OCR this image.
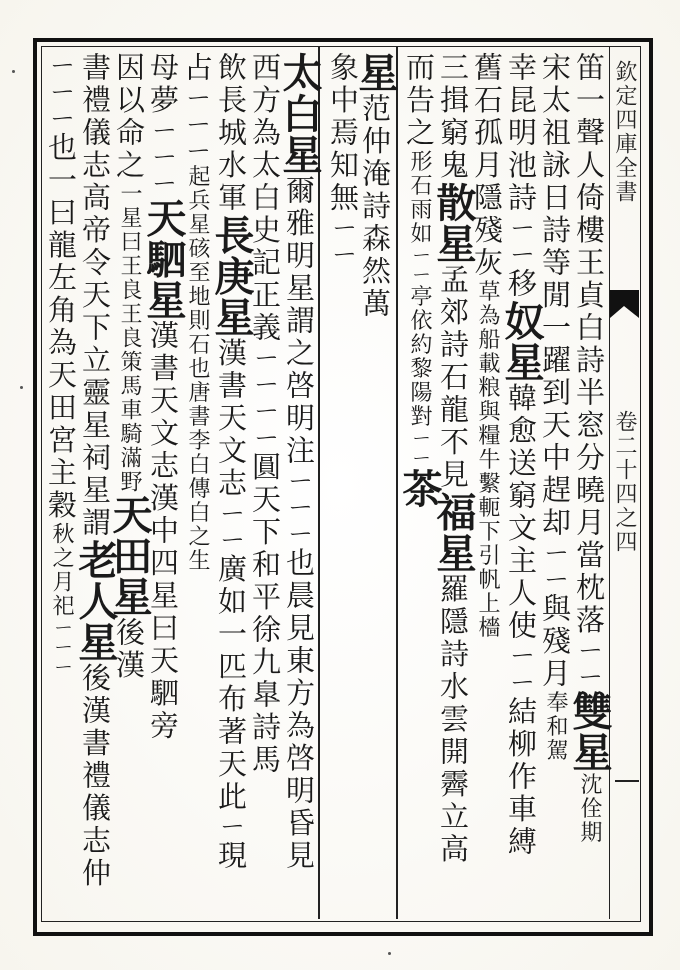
欽定四庫全書
卷二十四之四
笛一聲人倚樓王貞白詩半窓分曉月當枕落ㄧㄧ雙星沈佺期
宋太祖詠日詩等閒一躍到天中趕却ㄧㄧ與殘月奉和駕
幸昆明池詩ㄧㄧ移奴星韓愈送窮文主人使ㄧㄧ結柳作車縛
舊石孤月隱殘灰草為船載粮與糧牛繫軛下引帆上檣
三揖窮鬼散星孟郊詩石龍不見福星羅隱詩水雲開霽立高
而告之形石雨如ㄧㄧ亭依約黎陽對ㄧㄧ茶
星范仲淹詩森然萬
象中焉知無ㄧㄧ
太白星爾雅明星謂之啓明注ㄧㄧㄧ也晨見東方為啓明昏見
西方為太白史記正義ㄧㄧㄧㄧ圓天下和平徐九臯詩馬
飲長城水軍長庚星漢書天文志ㄧㄧ廣如一匹布著天此ㄧ現
占ㄧㄧㄧ起兵星硋至地則石也唐書李白傳白之生
母夢ㄧㄧㄧ天駟星漢書天文志漢中四星曰天駟旁
因以命之一星曰王良王良策馬車騎滿野天田星後漢
書禮儀志高帝令天下立靈星祠星謂老人星後漢書禮儀志仲
ㄧㄧㄧ也一曰龍左角為天田宮主穀秋之月祀ㄧㄧㄧ
